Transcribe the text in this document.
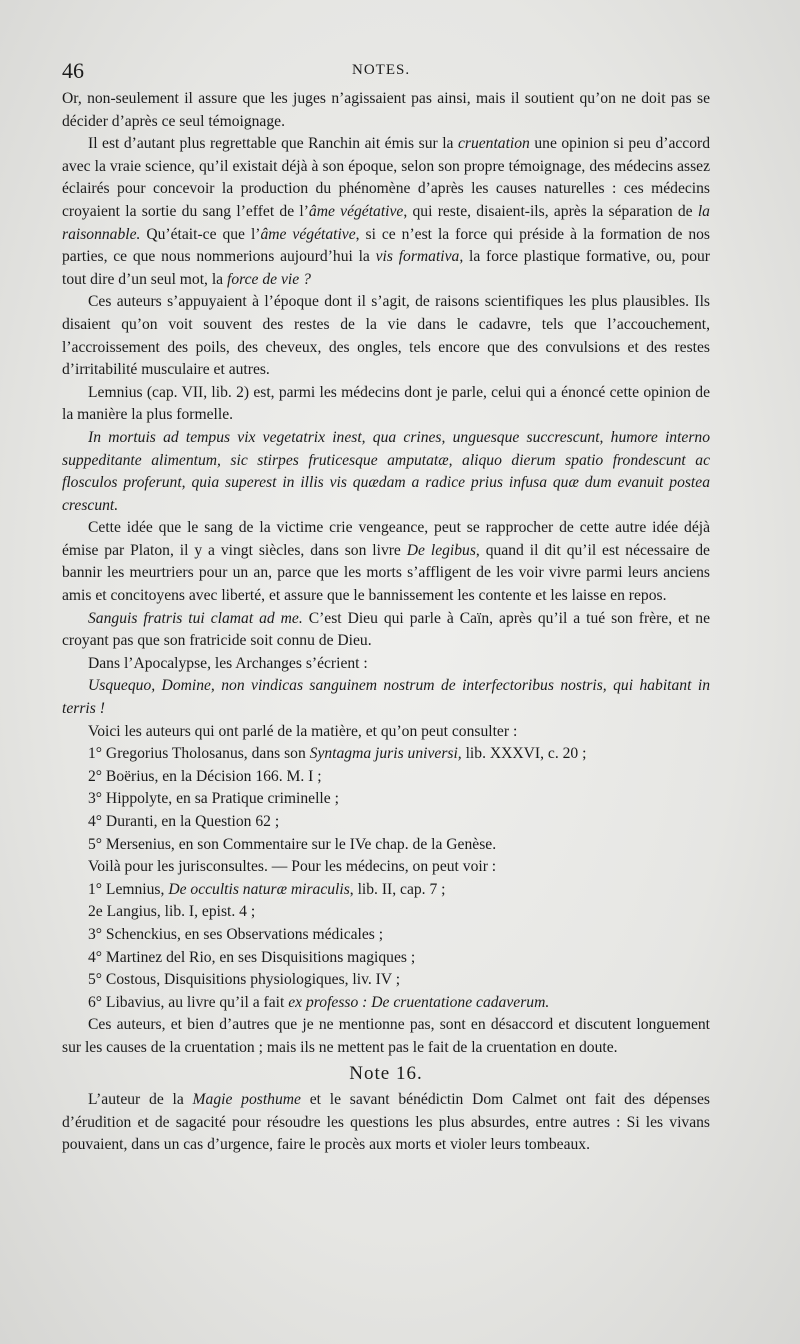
46	NOTES.

Or, non-seulement il assure que les juges n’agissaient pas ainsi, mais il soutient qu’on ne doit pas se décider d’après ce seul témoignage.

Il est d’autant plus regrettable que Ranchin ait émis sur la cruentation une opinion si peu d’accord avec la vraie science, qu’il existait déjà à son époque, selon son propre témoignage, des médecins assez éclairés pour concevoir la production du phénomène d’après les causes naturelles : ces médecins croyaient la sortie du sang l’effet de l’âme végétative, qui reste, disaient-ils, après la séparation de la raisonnable. Qu’était-ce que l’âme végétative, si ce n’est la force qui préside à la formation de nos parties, ce que nous nommerions aujourd’hui la vis formativa, la force plastique formative, ou, pour tout dire d’un seul mot, la force de vie ?

Ces auteurs s’appuyaient à l’époque dont il s’agit, de raisons scientifiques les plus plausibles. Ils disaient qu’on voit souvent des restes de la vie dans le cadavre, tels que l’accouchement, l’accroissement des poils, des cheveux, des ongles, tels encore que des convulsions et des restes d’irritabilité musculaire et autres.

Lemnius (cap. VII, lib. 2) est, parmi les médecins dont je parle, celui qui a énoncé cette opinion de la manière la plus formelle.

In mortuis ad tempus vix vegetatrix inest, qua crines, unguesque succrescunt, humore interno suppeditante alimentum, sic stirpes fruticesque amputatæ, aliquo dierum spatio frondescunt ac flosculos proferunt, quia superest in illis vis quædam a radice prius infusa quæ dum evanuit postea crescunt.

Cette idée que le sang de la victime crie vengeance, peut se rapprocher de cette autre idée déjà émise par Platon, il y a vingt siècles, dans son livre De legibus, quand il dit qu’il est nécessaire de bannir les meurtriers pour un an, parce que les morts s’affligent de les voir vivre parmi leurs anciens amis et concitoyens avec liberté, et assure que le bannissement les contente et les laisse en repos.

Sanguis fratris tui clamat ad me. C’est Dieu qui parle à Caïn, après qu’il a tué son frère, et ne croyant pas que son fratricide soit connu de Dieu.

Dans l’Apocalypse, les Archanges s’écrient :

Usquequo, Domine, non vindicas sanguinem nostrum de interfectoribus nostris, qui habitant in terris !

Voici les auteurs qui ont parlé de la matière, et qu’on peut consulter :

1° Gregorius Tholosanus, dans son Syntagma juris universi, lib. XXXVI, c. 20 ;

2° Boërius, en la Décision 166. M. I ;

3° Hippolyte, en sa Pratique criminelle ;

4° Duranti, en la Question 62 ;

5° Mersenius, en son Commentaire sur le IVe chap. de la Genèse.

Voilà pour les jurisconsultes. — Pour les médecins, on peut voir :

1° Lemnius, De occultis naturæ miraculis, lib. II, cap. 7 ;

2e Langius, lib. I, epist. 4 ;

3° Schenckius, en ses Observations médicales ;

4° Martinez del Rio, en ses Disquisitions magiques ;

5° Costous, Disquisitions physiologiques, liv. IV ;

6° Libavius, au livre qu’il a fait ex professo : De cruentatione cadaverum.

Ces auteurs, et bien d’autres que je ne mentionne pas, sont en désaccord et discutent longuement sur les causes de la cruentation ; mais ils ne mettent pas le fait de la cruentation en doute.

Note 16.

L’auteur de la Magie posthume et le savant bénédictin Dom Calmet ont fait des dépenses d’érudition et de sagacité pour résoudre les questions les plus absurdes, entre autres : Si les vivans pouvaient, dans un cas d’urgence, faire le procès aux morts et violer leurs tombeaux.
